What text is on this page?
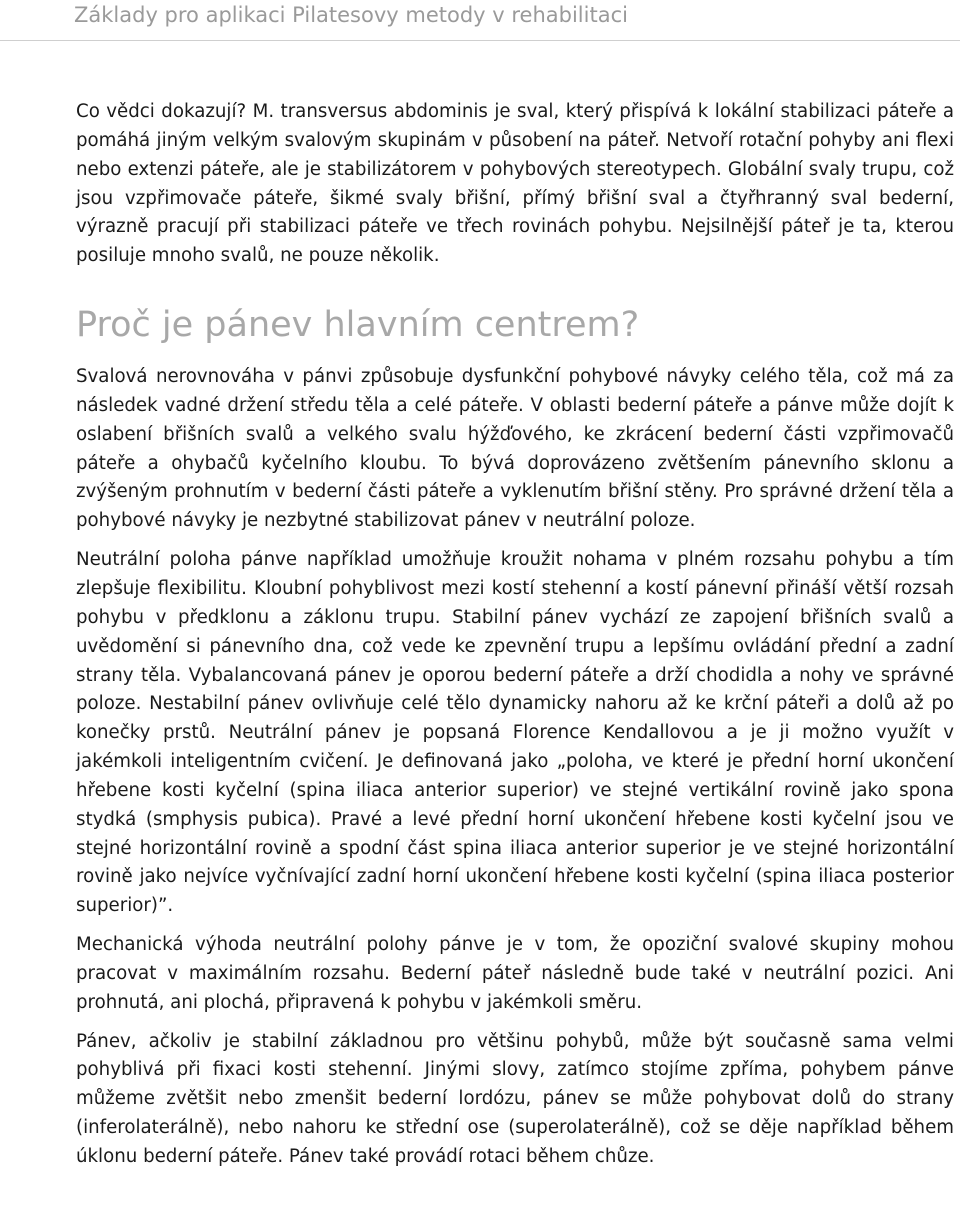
Základy pro aplikaci Pilatesovy metody v rehabilitaci

Co vědci dokazují? M. transversus abdominis je sval, který přispívá k lokální stabilizaci páteře a pomáhá jiným velkým svalovým skupinám v působení na páteř. Netvoří rotační pohyby ani flexi nebo extenzi páteře, ale je stabilizátorem v pohybových stereotypech. Globální svaly trupu, což jsou vzpřimovače páteře, šikmé svaly břišní, přímý břišní sval a čtyřhranný sval bederní, výrazně pracují při stabilizaci páteře ve třech rovinách pohybu. Nejsilnější páteř je ta, kterou posiluje mnoho svalů, ne pouze několik.

Proč je pánev hlavním centrem?

Svalová nerovnováha v pánvi způsobuje dysfunkční pohybové návyky celého těla, což má za následek vadné držení středu těla a celé páteře. V oblasti bederní páteře a pánve může dojít k oslabení břišních svalů a velkého svalu hýžďového, ke zkrácení bederní části vzpřimovačů páteře a ohybačů kyčelního kloubu. To bývá doprovázeno zvětšením pánevního sklonu a zvýšeným prohnutím v bederní části páteře a vyklenutím břišní stěny. Pro správné držení těla a pohybové návyky je nezbytné stabilizovat pánev v neutrální poloze.

Neutrální poloha pánve například umožňuje kroužit nohama v plném rozsahu pohybu a tím zlepšuje flexibilitu. Kloubní pohyblivost mezi kostí stehenní a kostí pánevní přináší větší rozsah pohybu v předklonu a záklonu trupu. Stabilní pánev vychází ze zapojení břišních svalů a uvědomění si pánevního dna, což vede ke zpevnění trupu a lepšímu ovládání přední a zadní strany těla. Vybalancovaná pánev je oporou bederní páteře a drží chodidla a nohy ve správné poloze. Nestabilní pánev ovlivňuje celé tělo dynamicky nahoru až ke krční páteři a dolů až po konečky prstů. Neutrální pánev je popsaná Florence Kendallovou a je ji možno využít v jakémkoli inteligentním cvičení. Je definovaná jako „poloha, ve které je přední horní ukončení hřebene kosti kyčelní (spina iliaca anterior superior) ve stejné vertikální rovině jako spona stydká (smphysis pubica). Pravé a levé přední horní ukončení hřebene kosti kyčelní jsou ve stejné horizontální rovině a spodní část spina iliaca anterior superior je ve stejné horizontální rovině jako nejvíce vyčnívající zadní horní ukončení hřebene kosti kyčelní (spina iliaca posterior superior)”.

Mechanická výhoda neutrální polohy pánve je v tom, že opoziční svalové skupiny mohou pracovat v maximálním rozsahu. Bederní páteř následně bude také v neutrální pozici. Ani prohnutá, ani plochá, připravená k pohybu v jakémkoli směru.

Pánev, ačkoliv je stabilní základnou pro většinu pohybů, může být současně sama velmi pohyblivá při fixaci kosti stehenní. Jinými slovy, zatímco stojíme zpříma, pohybem pánve můžeme zvětšit nebo zmenšit bederní lordózu, pánev se může pohybovat dolů do strany (inferolaterálně), nebo nahoru ke střední ose (superolaterálně), což se děje například během úklonu bederní páteře. Pánev také provádí rotaci během chůze.
